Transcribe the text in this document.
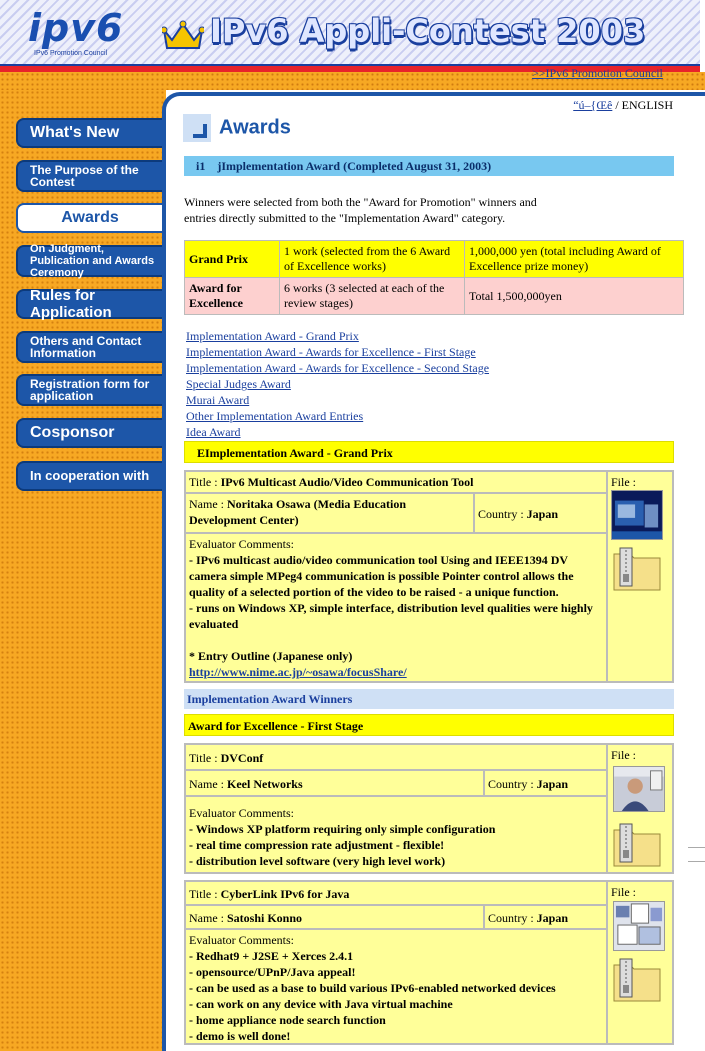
ipv6
IPv6 Promotion Council
IPv6 Appli-Contest 2003
>>IPv6 Promotion Council
What's New
The Purpose of the Contest
Awards
On Judgment, Publication and Awards Ceremony
Rules for Application
Others and Contact Information
Registration form for application
Cosponsor
In cooperation with
“ú–{Œê / ENGLISH
Awards
i1　jImplementation Award (Completed August 31, 2003)
Winners were selected from both the "Award for Promotion" winners and
entries directly submitted to the "Implementation Award" category.
Grand Prix	1 work (selected from the 6 Award of Excellence works)	1,000,000 yen (total including Award of Excellence prize money)
Award for Excellence	6 works (3 selected at each of the review stages)	Total 1,500,000yen
Implementation Award - Grand Prix
Implementation Award - Awards for Excellence - First Stage
Implementation Award - Awards for Excellence - Second Stage
Special Judges Award
Murai Award
Other Implementation Award Entries
Idea Award
　EImplementation Award - Grand Prix
Title : IPv6 Multicast Audio/Video Communication Tool
Name : Noritaka Osawa (Media Education Development Center)	Country : Japan
Evaluator Comments:
- IPv6 multicast audio/video communication tool Using and IEEE1394 DV camera simple MPeg4 communication is possible Pointer control allows the quality of a selected portion of the video to be raised - a unique function.
- runs on Windows XP, simple interface, distribution level qualities were highly evaluated
* Entry Outline (Japanese only)
http://www.nime.ac.jp/~osawa/focusShare/
File :
Implementation Award Winners
Award for Excellence - First Stage
Title : DVConf
Name : Keel Networks	Country : Japan
Evaluator Comments:
- Windows XP platform requiring only simple configuration
- real time compression rate adjustment - flexible!
- distribution level software (very high level work)
File :
Title : CyberLink IPv6 for Java
Name : Satoshi Konno	Country : Japan
Evaluator Comments:
- Redhat9 + J2SE + Xerces 2.4.1
- opensource/UPnP/Java appeal!
- can be used as a base to build various IPv6-enabled networked devices
- can work on any device with Java virtual machine
- home appliance node search function
- demo is well done!
File :
